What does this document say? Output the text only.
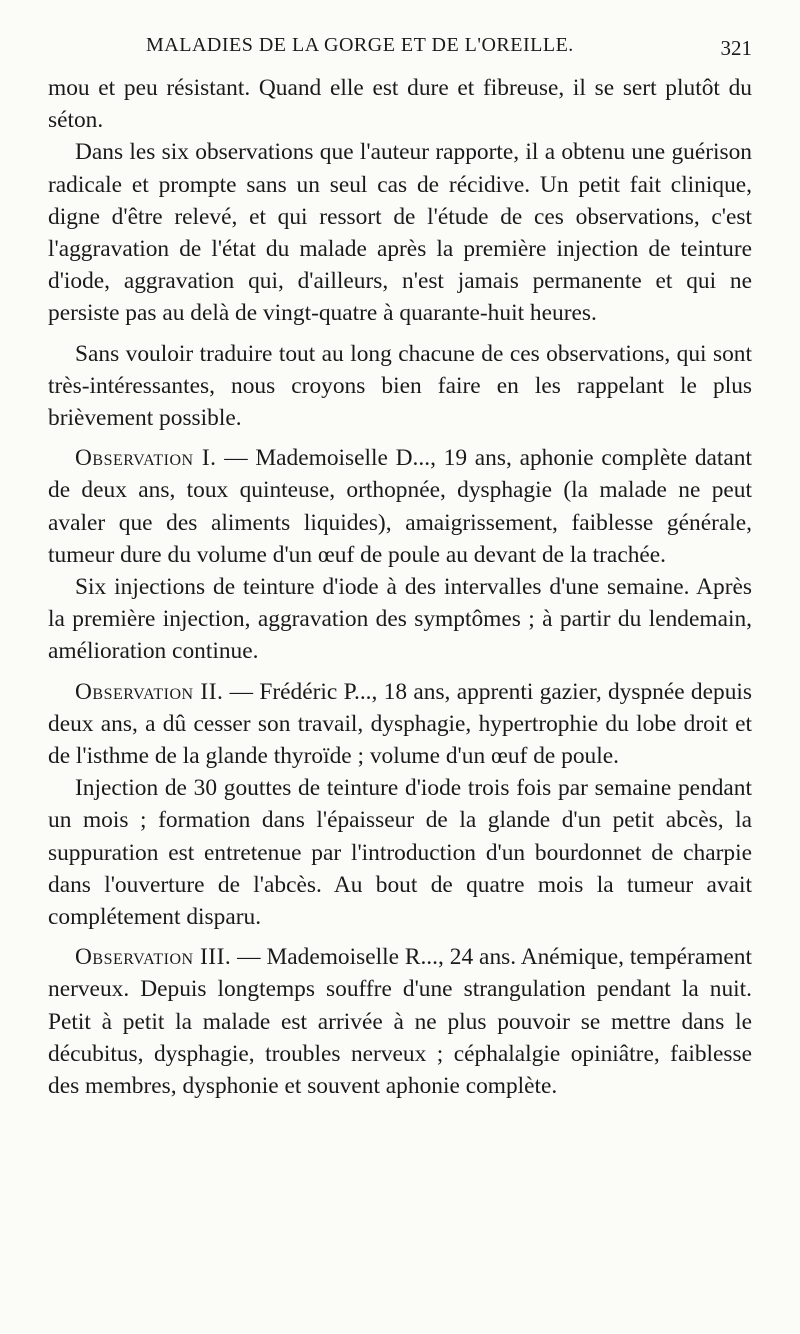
MALADIES DE LA GORGE ET DE L'OREILLE.	321

mou et peu résistant. Quand elle est dure et fibreuse, il se sert plutôt du séton.

Dans les six observations que l'auteur rapporte, il a obtenu une guérison radicale et prompte sans un seul cas de récidive. Un petit fait clinique, digne d'être relevé, et qui ressort de l'étude de ces observations, c'est l'aggravation de l'état du malade après la première injection de teinture d'iode, aggravation qui, d'ailleurs, n'est jamais permanente et qui ne persiste pas au delà de vingt-quatre à quarante-huit heures.

Sans vouloir traduire tout au long chacune de ces observations, qui sont très-intéressantes, nous croyons bien faire en les rappelant le plus brièvement possible.

Observation I. — Mademoiselle D..., 19 ans, aphonie complète datant de deux ans, toux quinteuse, orthopnée, dysphagie (la malade ne peut avaler que des aliments liquides), amaigrissement, faiblesse générale, tumeur dure du volume d'un œuf de poule au devant de la trachée.

Six injections de teinture d'iode à des intervalles d'une semaine. Après la première injection, aggravation des symptômes ; à partir du lendemain, amélioration continue.

Observation II. — Frédéric P..., 18 ans, apprenti gazier, dyspnée depuis deux ans, a dû cesser son travail, dysphagie, hypertrophie du lobe droit et de l'isthme de la glande thyroïde ; volume d'un œuf de poule.

Injection de 30 gouttes de teinture d'iode trois fois par semaine pendant un mois ; formation dans l'épaisseur de la glande d'un petit abcès, la suppuration est entretenue par l'introduction d'un bourdonnet de charpie dans l'ouverture de l'abcès. Au bout de quatre mois la tumeur avait complétement disparu.

Observation III. — Mademoiselle R..., 24 ans. Anémique, tempérament nerveux. Depuis longtemps souffre d'une strangulation pendant la nuit. Petit à petit la malade est arrivée à ne plus pouvoir se mettre dans le décubitus, dysphagie, troubles nerveux ; céphalalgie opiniâtre, faiblesse des membres, dysphonie et souvent aphonie complète.
